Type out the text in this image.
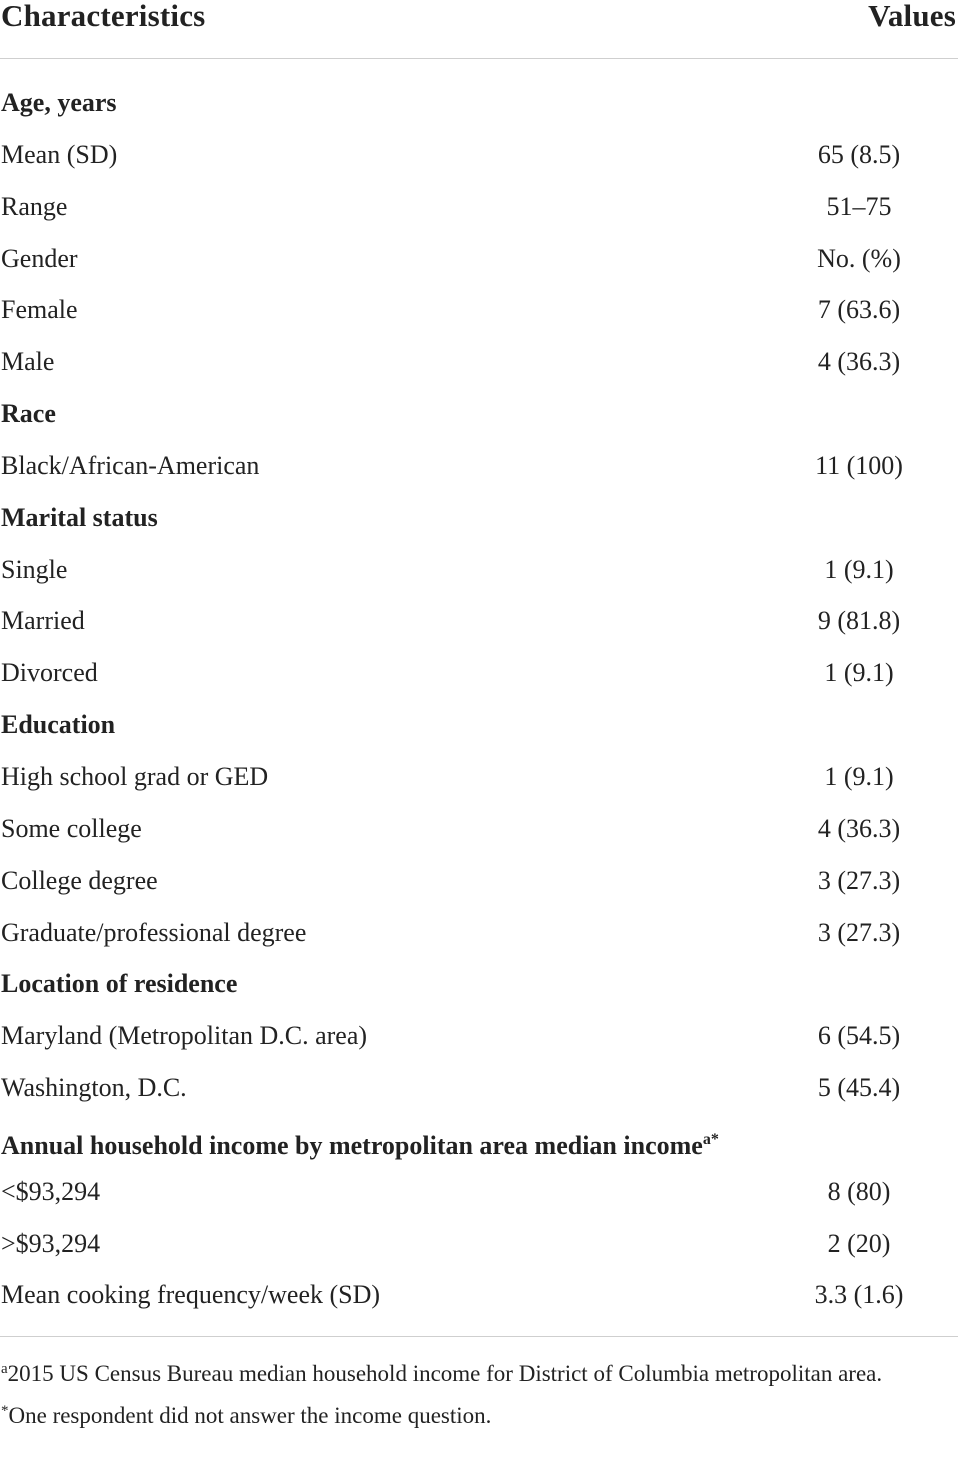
Characteristics	Values
Age, years
Mean (SD)	65 (8.5)
Range	51–75
Gender	No. (%)
Female	7 (63.6)
Male	4 (36.3)
Race
Black/African-American	11 (100)
Marital status
Single	1 (9.1)
Married	9 (81.8)
Divorced	1 (9.1)
Education
High school grad or GED	1 (9.1)
Some college	4 (36.3)
College degree	3 (27.3)
Graduate/professional degree	3 (27.3)
Location of residence
Maryland (Metropolitan D.C. area)	6 (54.5)
Washington, D.C.	5 (45.4)
Annual household income by metropolitan area median income$^{a*}$
<$93,294	8 (80)
>$93,294	2 (20)
Mean cooking frequency/week (SD)	3.3 (1.6)
$^a$2015 US Census Bureau median household income for District of Columbia metropolitan area.
*One respondent did not answer the income question.
